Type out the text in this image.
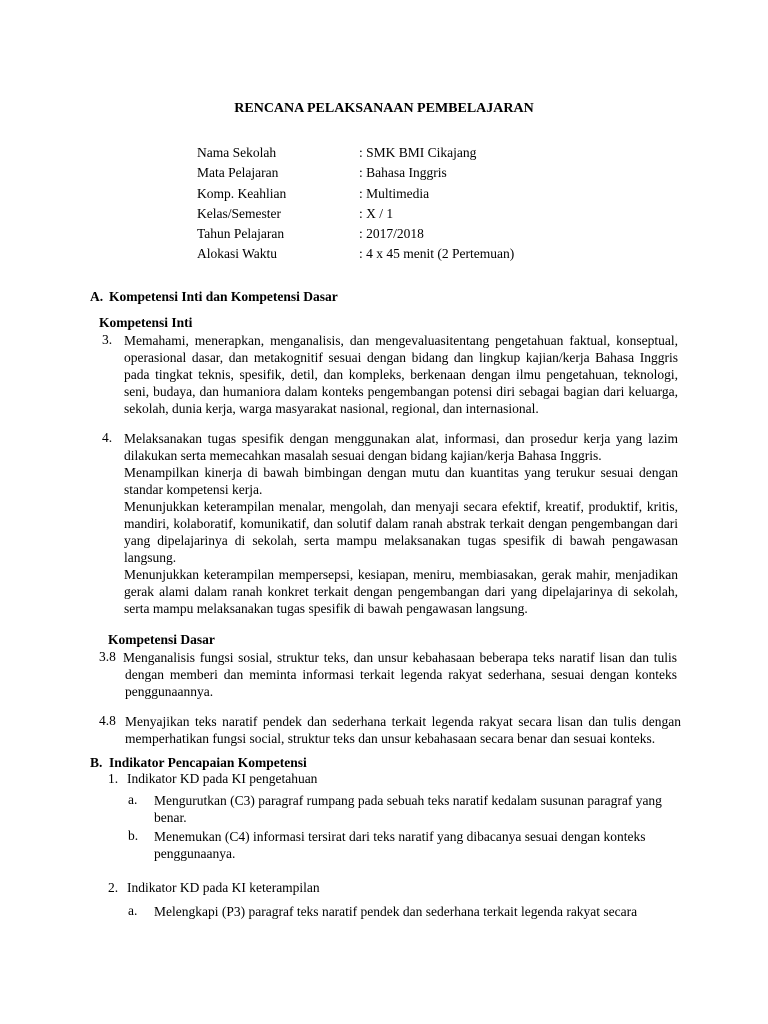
RENCANA PELAKSANAAN PEMBELAJARAN
Nama Sekolah	: SMK BMI Cikajang
Mata Pelajaran	: Bahasa Inggris
Komp. Keahlian	: Multimedia
Kelas/Semester	: X / 1
Tahun Pelajaran	: 2017/2018
Alokasi Waktu	: 4 x 45 menit (2 Pertemuan)
A. Kompetensi Inti dan Kompetensi Dasar
Kompetensi Inti
3. Memahami, menerapkan, menganalisis, dan mengevaluasitentang pengetahuan faktual, konseptual, operasional dasar, dan metakognitif sesuai dengan bidang dan lingkup kajian/kerja Bahasa Inggris pada tingkat teknis, spesifik, detil, dan kompleks, berkenaan dengan ilmu pengetahuan, teknologi, seni, budaya, dan humaniora dalam konteks pengembangan potensi diri sebagai bagian dari keluarga, sekolah, dunia kerja, warga masyarakat nasional, regional, dan internasional.
4. Melaksanakan tugas spesifik dengan menggunakan alat, informasi, dan prosedur kerja yang lazim dilakukan serta memecahkan masalah sesuai dengan bidang kajian/kerja Bahasa Inggris.

Menampilkan kinerja di bawah bimbingan dengan mutu dan kuantitas yang terukur sesuai dengan standar kompetensi kerja.

Menunjukkan keterampilan menalar, mengolah, dan menyaji secara efektif, kreatif, produktif, kritis, mandiri, kolaboratif, komunikatif, dan solutif dalam ranah abstrak terkait dengan pengembangan dari yang dipelajarinya di sekolah, serta mampu melaksanakan tugas spesifik di bawah pengawasan langsung.

Menunjukkan keterampilan mempersepsi, kesiapan, meniru, membiasakan, gerak mahir, menjadikan gerak alami dalam ranah konkret terkait dengan pengembangan dari yang dipelajarinya di sekolah, serta mampu melaksanakan tugas spesifik di bawah pengawasan langsung.

Kompetensi Dasar
3.8 Menganalisis fungsi sosial, struktur teks, dan unsur kebahasaan beberapa teks naratif lisan dan tulis dengan memberi dan meminta informasi terkait legenda rakyat sederhana, sesuai dengan konteks penggunaannya.
4.8 Menyajikan teks naratif pendek dan sederhana terkait legenda rakyat secara lisan dan tulis dengan memperhatikan fungsi social, struktur teks dan unsur kebahasaan secara benar dan sesuai konteks.
B. Indikator Pencapaian Kompetensi
1. Indikator KD pada KI pengetahuan
a. Mengurutkan (C3) paragraf rumpang pada sebuah teks naratif kedalam susunan paragraf yang benar.
b. Menemukan (C4) informasi tersirat dari teks naratif yang dibacanya sesuai dengan konteks penggunaanya.
2. Indikator KD pada KI keterampilan
a. Melengkapi (P3) paragraf teks naratif pendek dan sederhana terkait legenda rakyat secara
